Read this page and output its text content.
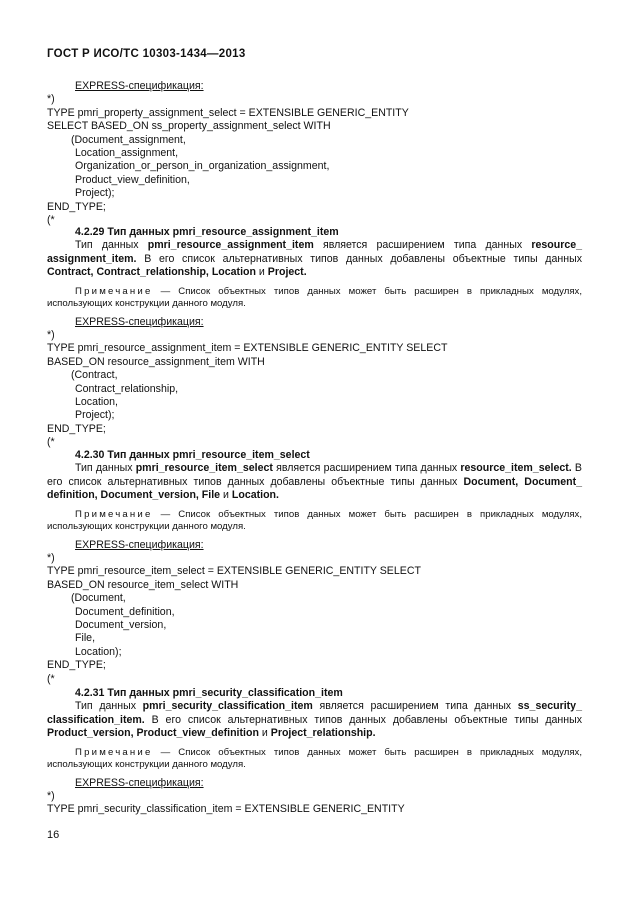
ГОСТ Р ИСО/ТС 10303-1434—2013
EXPRESS-спецификация:
*)
TYPE pmri_property_assignment_select = EXTENSIBLE GENERIC_ENTITY
SELECT BASED_ON ss_property_assignment_select WITH
(Document_assignment,
Location_assignment,
Organization_or_person_in_organization_assignment,
Product_view_definition,
Project);
END_TYPE;
(*
4.2.29 Тип данных pmri_resource_assignment_item
Тип данных pmri_resource_assignment_item является расширением типа данных resource_ assignment_item. В его список альтернативных типов данных добавлены объектные типы данных Contract, Contract_relationship, Location и Project.
Примечание — Список объектных типов данных может быть расширен в прикладных модулях, использующих конструкции данного модуля.
EXPRESS-спецификация:
*)
TYPE pmri_resource_assignment_item = EXTENSIBLE GENERIC_ENTITY SELECT
BASED_ON resource_assignment_item WITH
(Contract,
Contract_relationship,
Location,
Project);
END_TYPE;
(*
4.2.30 Тип данных pmri_resource_item_select
Тип данных pmri_resource_item_select является расширением типа данных resource_item_select. В его список альтернативных типов данных добавлены объектные типы данных Document, Document_ definition, Document_version, File и Location.
Примечание — Список объектных типов данных может быть расширен в прикладных модулях, использующих конструкции данного модуля.
EXPRESS-спецификация:
*)
TYPE pmri_resource_item_select = EXTENSIBLE GENERIC_ENTITY SELECT
BASED_ON resource_item_select WITH
(Document,
Document_definition,
Document_version,
File,
Location);
END_TYPE;
(*
4.2.31 Тип данных pmri_security_classification_item
Тип данных pmri_security_classification_item является расширением типа данных ss_security_ classification_item. В его список альтернативных типов данных добавлены объектные типы данных Product_version, Product_view_definition и Project_relationship.
Примечание — Список объектных типов данных может быть расширен в прикладных модулях, использующих конструкции данного модуля.
EXPRESS-спецификация:
*)
TYPE pmri_security_classification_item = EXTENSIBLE GENERIC_ENTITY
16
